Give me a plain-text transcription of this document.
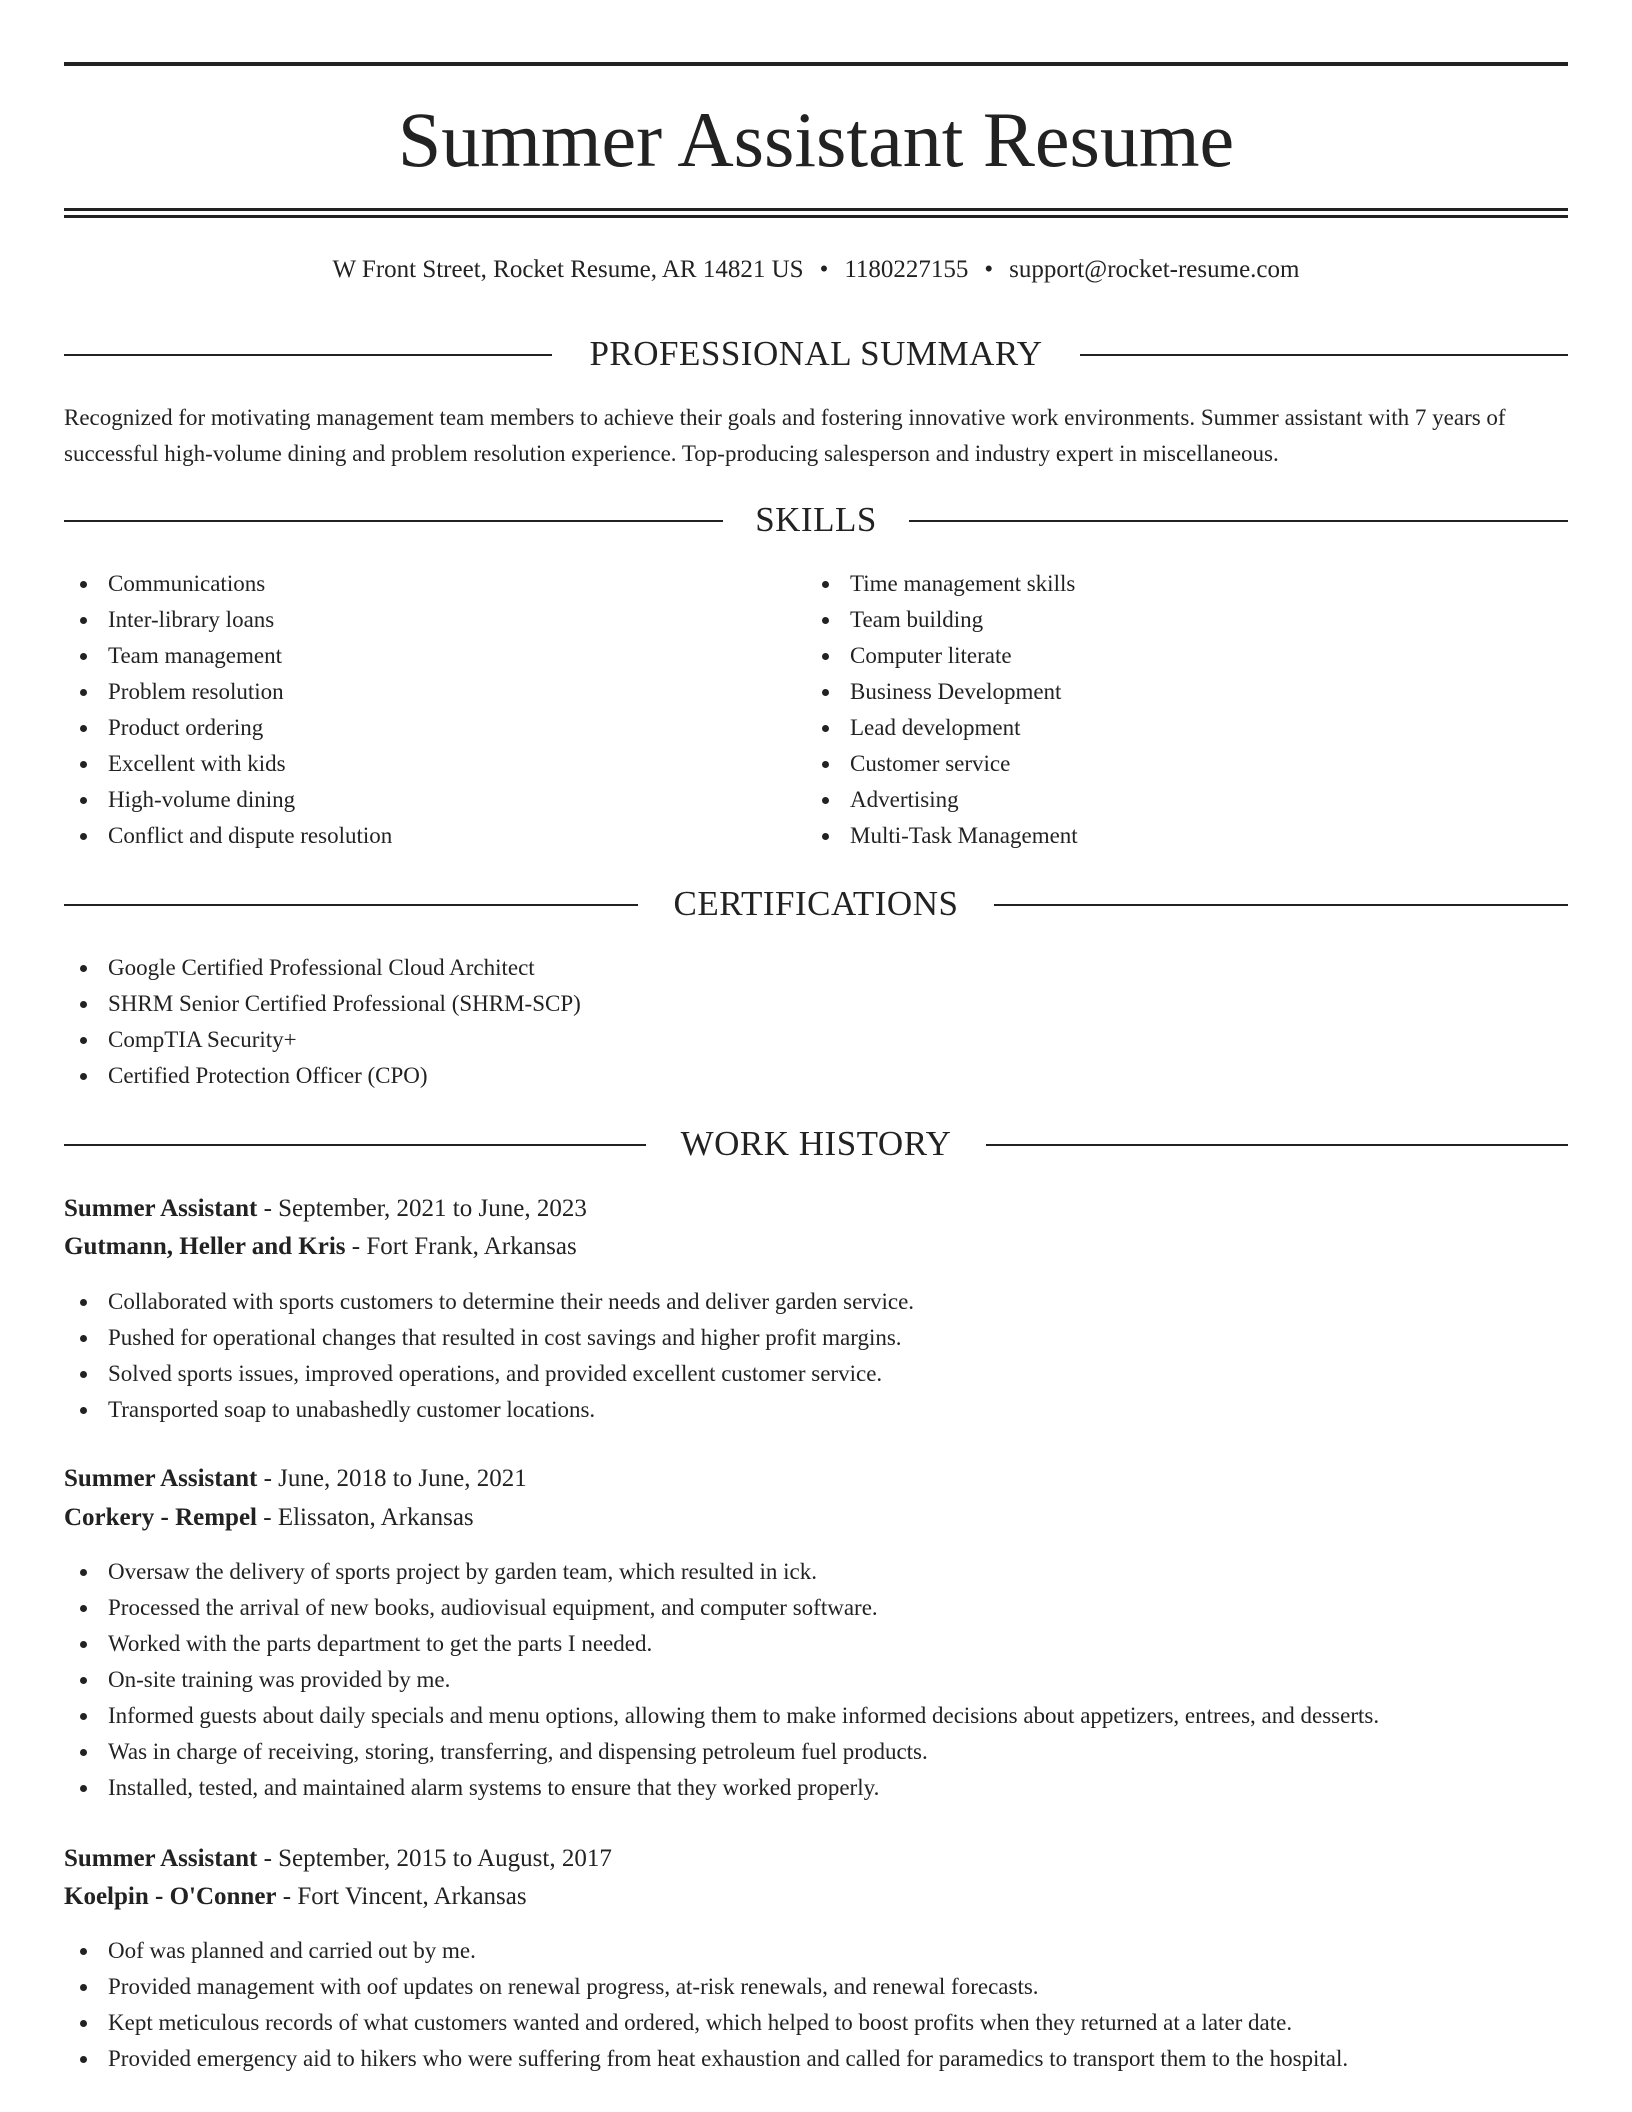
Summer Assistant Resume
W Front Street, Rocket Resume, AR 14821 US • 1180227155 • support@rocket-resume.com
PROFESSIONAL SUMMARY

Recognized for motivating management team members to achieve their goals and fostering innovative work environments. Summer assistant with 7 years of successful high-volume dining and problem resolution experience. Top-producing salesperson and industry expert in miscellaneous.

SKILLS
Communications
Inter-library loans
Team management
Problem resolution
Product ordering
Excellent with kids
High-volume dining
Conflict and dispute resolution
Time management skills
Team building
Computer literate
Business Development
Lead development
Customer service
Advertising
Multi-Task Management
CERTIFICATIONS
Google Certified Professional Cloud Architect
SHRM Senior Certified Professional (SHRM-SCP)
CompTIA Security+
Certified Protection Officer (CPO)
WORK HISTORY
Summer Assistant - September, 2021 to June, 2023
Gutmann, Heller and Kris - Fort Frank, Arkansas
Collaborated with sports customers to determine their needs and deliver garden service.
Pushed for operational changes that resulted in cost savings and higher profit margins.
Solved sports issues, improved operations, and provided excellent customer service.
Transported soap to unabashedly customer locations.
Summer Assistant - June, 2018 to June, 2021
Corkery - Rempel - Elissaton, Arkansas
Oversaw the delivery of sports project by garden team, which resulted in ick.
Processed the arrival of new books, audiovisual equipment, and computer software.
Worked with the parts department to get the parts I needed.
On-site training was provided by me.
Informed guests about daily specials and menu options, allowing them to make informed decisions about appetizers, entrees, and desserts.
Was in charge of receiving, storing, transferring, and dispensing petroleum fuel products.
Installed, tested, and maintained alarm systems to ensure that they worked properly.
Summer Assistant - September, 2015 to August, 2017
Koelpin - O'Conner - Fort Vincent, Arkansas
Oof was planned and carried out by me.
Provided management with oof updates on renewal progress, at-risk renewals, and renewal forecasts.
Kept meticulous records of what customers wanted and ordered, which helped to boost profits when they returned at a later date.
Provided emergency aid to hikers who were suffering from heat exhaustion and called for paramedics to transport them to the hospital.
